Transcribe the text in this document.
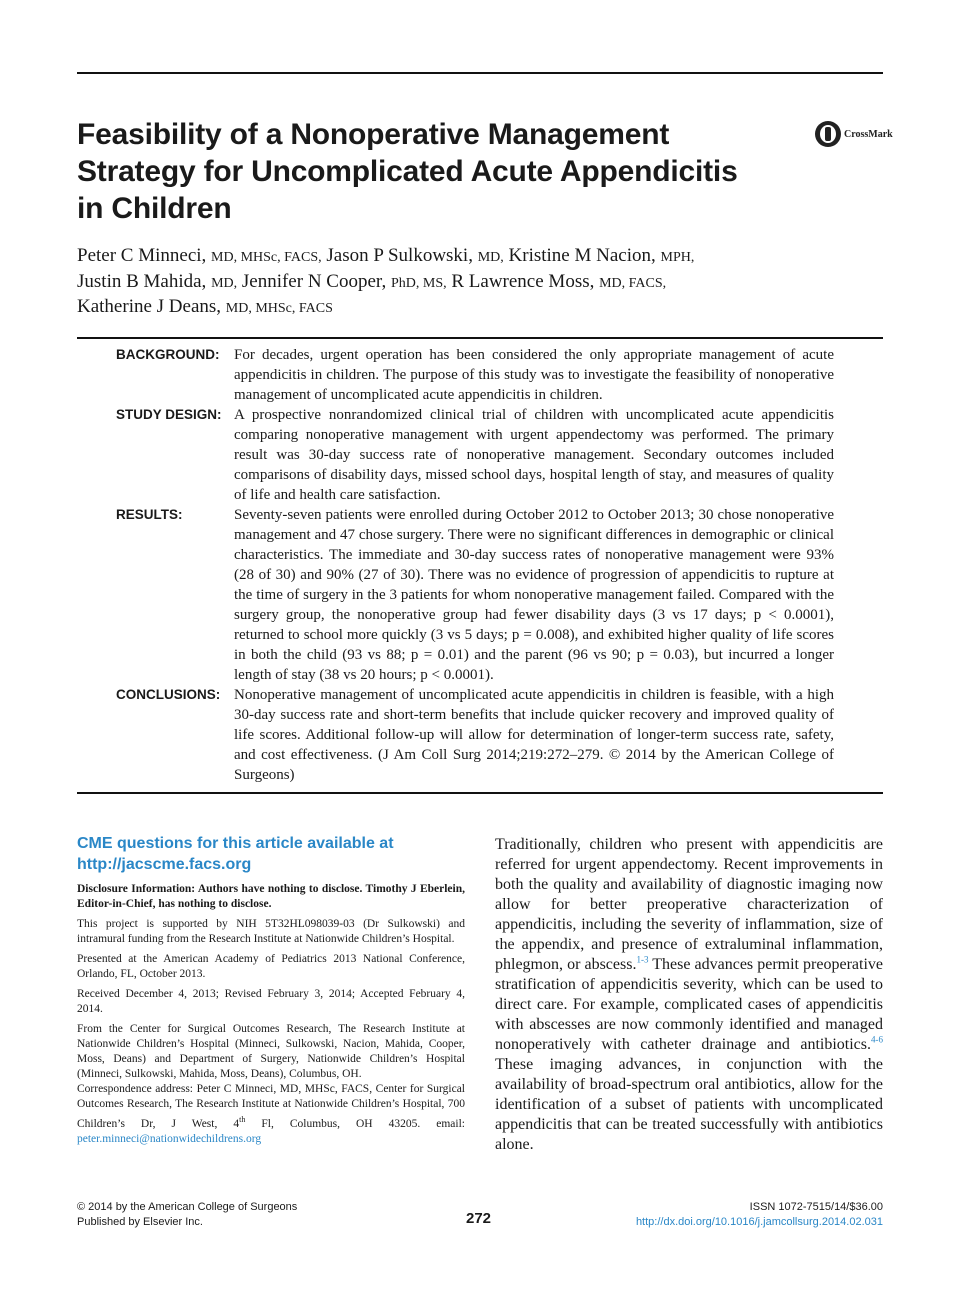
Feasibility of a Nonoperative Management
Strategy for Uncomplicated Acute Appendicitis
in Children
CrossMark
Peter C Minneci, MD, MHSc, FACS, Jason P Sulkowski, MD, Kristine M Nacion, MPH,
Justin B Mahida, MD, Jennifer N Cooper, PhD, MS, R Lawrence Moss, MD, FACS,
Katherine J Deans, MD, MHSc, FACS
BACKGROUND: For decades, urgent operation has been considered the only appropriate management of acute appendicitis in children. The purpose of this study was to investigate the feasibility of nonoperative management of uncomplicated acute appendicitis in children.
STUDY DESIGN: A prospective nonrandomized clinical trial of children with uncomplicated acute appendicitis comparing nonoperative management with urgent appendectomy was performed. The primary result was 30-day success rate of nonoperative management. Secondary outcomes included comparisons of disability days, missed school days, hospital length of stay, and measures of quality of life and health care satisfaction.
RESULTS:	Seventy-seven patients were enrolled during October 2012 to October 2013; 30 chose nonoperative management and 47 chose surgery. There were no significant differences in demographic or clinical characteristics. The immediate and 30-day success rates of nonoperative management were 93% (28 of 30) and 90% (27 of 30). There was no evidence of progression of appendicitis to rupture at the time of surgery in the 3 patients for whom nonoperative management failed. Compared with the surgery group, the nonoperative group had fewer disability days (3 vs 17 days; p < 0.0001), returned to school more quickly (3 vs 5 days; p = 0.008), and exhibited higher quality of life scores in both the child (93 vs 88; p = 0.01) and the parent (96 vs 90; p = 0.03), but incurred a longer length of stay (38 vs 20 hours; p < 0.0001).
CONCLUSIONS: Nonoperative management of uncomplicated acute appendicitis in children is feasible, with a high 30-day success rate and short-term benefits that include quicker recovery and improved quality of life scores. Additional follow-up will allow for determination of longer-term success rate, safety, and cost effectiveness. (J Am Coll Surg 2014;219:272–279. © 2014 by the American College of Surgeons)
CME questions for this article available at
http://jacscme.facs.org

Disclosure Information: Authors have nothing to disclose. Timothy J Eberlein, Editor-in-Chief, has nothing to disclose.

This project is supported by NIH 5T32HL098039-03 (Dr Sulkowski) and intramural funding from the Research Institute at Nationwide Children’s Hospital.

Presented at the American Academy of Pediatrics 2013 National Conference, Orlando, FL, October 2013.

Received December 4, 2013; Revised February 3, 2014; Accepted February 4, 2014.

From the Center for Surgical Outcomes Research, The Research Institute at Nationwide Children’s Hospital (Minneci, Sulkowski, Nacion, Mahida, Cooper, Moss, Deans) and Department of Surgery, Nationwide Children’s Hospital (Minneci, Sulkowski, Mahida, Moss, Deans), Columbus, OH.

Correspondence address: Peter C Minneci, MD, MHSc, FACS, Center for Surgical Outcomes Research, The Research Institute at Nationwide Children’s Hospital, 700 Children’s Dr, J West, 4th Fl, Columbus, OH 43205. email: peter.minneci@nationwidechildrens.org

Traditionally, children who present with appendicitis are referred for urgent appendectomy. Recent improvements in both the quality and availability of diagnostic imaging now allow for better preoperative characterization of appendicitis, including the severity of inflammation, size of the appendix, and presence of extraluminal inflammation, phlegmon, or abscess.$^{1-3}$ These advances permit preoperative stratification of appendicitis severity, which can be used to direct care. For example, complicated cases of appendicitis with abscesses are now commonly identified and managed nonoperatively with catheter drainage and antibiotics.$^{4-6}$ These imaging advances, in conjunction with the availability of broad-spectrum oral antibiotics, allow for the identification of a subset of patients with uncomplicated appendicitis that can be treated successfully with antibiotics alone.
© 2014 by the American College of Surgeons
Published by Elsevier Inc.	272
ISSN 1072-7515/14/$36.00
http://dx.doi.org/10.1016/j.jamcollsurg.2014.02.031
